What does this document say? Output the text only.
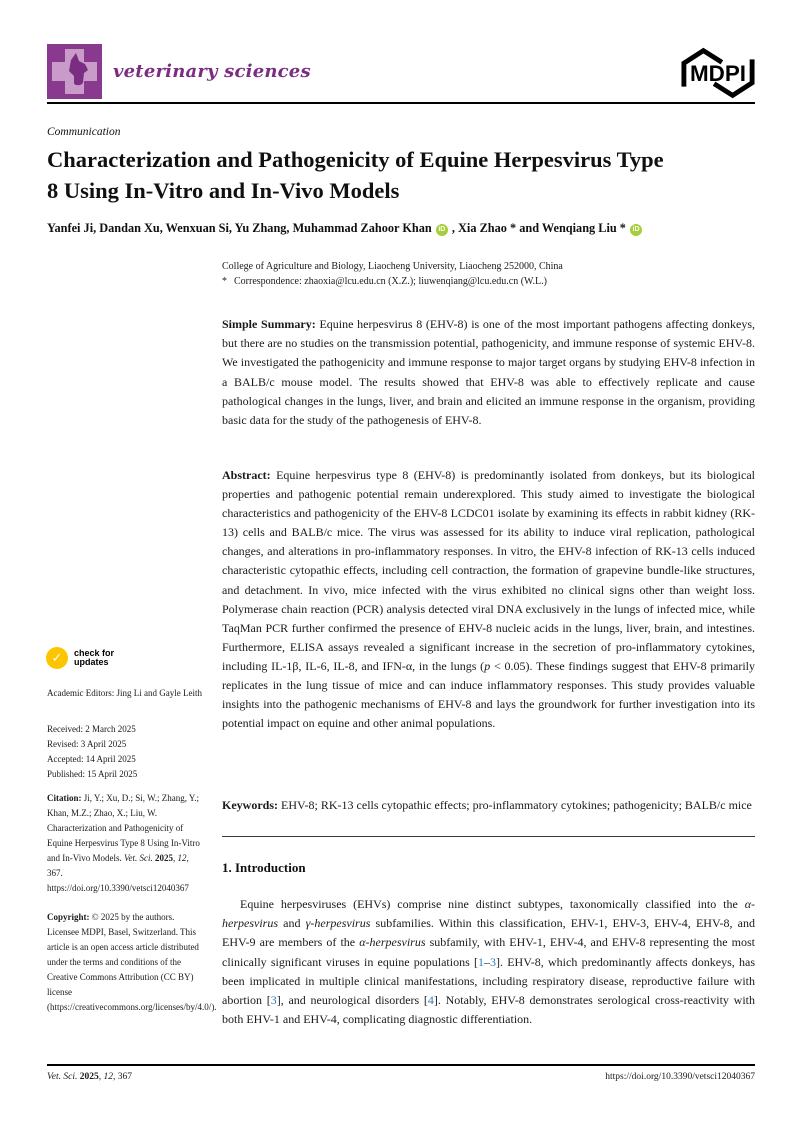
veterinary sciences	MDPI
Communication
Characterization and Pathogenicity of Equine Herpesvirus Type
8 Using In-Vitro and In-Vivo Models
Yanfei Ji, Dandan Xu, Wenxuan Si, Yu Zhang, Muhammad Zahoor Khan iD , Xia Zhao * and Wenqiang Liu * iD
College of Agriculture and Biology, Liaocheng University, Liaocheng 252000, China
* Correspondence: zhaoxia@lcu.edu.cn (X.Z.); liuwenqiang@lcu.edu.cn (W.L.)

Simple Summary: Equine herpesvirus 8 (EHV-8) is one of the most important pathogens affecting donkeys, but there are no studies on the transmission potential, pathogenicity, and immune response of systemic EHV-8. We investigated the pathogenicity and immune response to major target organs by studying EHV-8 infection in a BALB/c mouse model. The results showed that EHV-8 was able to effectively replicate and cause pathological changes in the lungs, liver, and brain and elicited an immune response in the organism, providing basic data for the study of the pathogenesis of EHV-8.

Abstract: Equine herpesvirus type 8 (EHV-8) is predominantly isolated from donkeys, but its biological properties and pathogenic potential remain underexplored. This study aimed to investigate the biological characteristics and pathogenicity of the EHV-8 LCDC01 isolate by examining its effects in rabbit kidney (RK-13) cells and BALB/c mice. The virus was assessed for its ability to induce viral replication, pathological changes, and alterations in pro-inflammatory responses. In vitro, the EHV-8 infection of RK-13 cells induced characteristic cytopathic effects, including cell contraction, the formation of grapevine bundle-like structures, and detachment. In vivo, mice infected with the virus exhibited no clinical signs other than weight loss. Polymerase chain reaction (PCR) analysis detected viral DNA exclusively in the lungs of infected mice, while TaqMan PCR further confirmed the presence of EHV-8 nucleic acids in the lungs, liver, brain, and intestines. Furthermore, ELISA assays revealed a significant increase in the secretion of pro-inflammatory cytokines, including IL-1β, IL-6, IL-8, and IFN-α, in the lungs (p < 0.05). These findings suggest that EHV-8 primarily replicates in the lung tissue of mice and can induce inflammatory responses. This study provides valuable insights into the pathogenic mechanisms of EHV-8 and lays the groundwork for further investigation into its potential impact on equine and other animal populations.

Keywords: EHV-8; RK-13 cells cytopathic effects; pro-inflammatory cytokines; pathogenicity; BALB/c mice

1. Introduction

Equine herpesviruses (EHVs) comprise nine distinct subtypes, taxonomically classified into the α-herpesvirus and γ-herpesvirus subfamilies. Within this classification, EHV-1, EHV-3, EHV-4, EHV-8, and EHV-9 are members of the α-herpesvirus subfamily, with EHV-1, EHV-4, and EHV-8 representing the most clinically significant viruses in equine populations [1–3]. EHV-8, which predominantly affects donkeys, has been implicated in multiple clinical manifestations, including respiratory disease, reproductive failure with abortion [3], and neurological disorders [4]. Notably, EHV-8 demonstrates serological cross-reactivity with both EHV-1 and EHV-4, complicating diagnostic differentiation.

✓	check for
updates
Academic Editors: Jing Li and Gayle Leith
Received: 2 March 2025
Revised: 3 April 2025
Accepted: 14 April 2025
Published: 15 April 2025
Citation: Ji, Y.; Xu, D.; Si, W.; Zhang, Y.; Khan, M.Z.; Zhao, X.; Liu, W. Characterization and Pathogenicity of Equine Herpesvirus Type 8 Using In-Vitro and In-Vivo Models. Vet. Sci. 2025, 12, 367. https://doi.org/10.3390/vetsci12040367
Copyright: © 2025 by the authors. Licensee MDPI, Basel, Switzerland. This article is an open access article distributed under the terms and conditions of the Creative Commons Attribution (CC BY) license (https://creativecommons.org/licenses/by/4.0/).
Vet. Sci. 2025, 12, 367	https://doi.org/10.3390/vetsci12040367
